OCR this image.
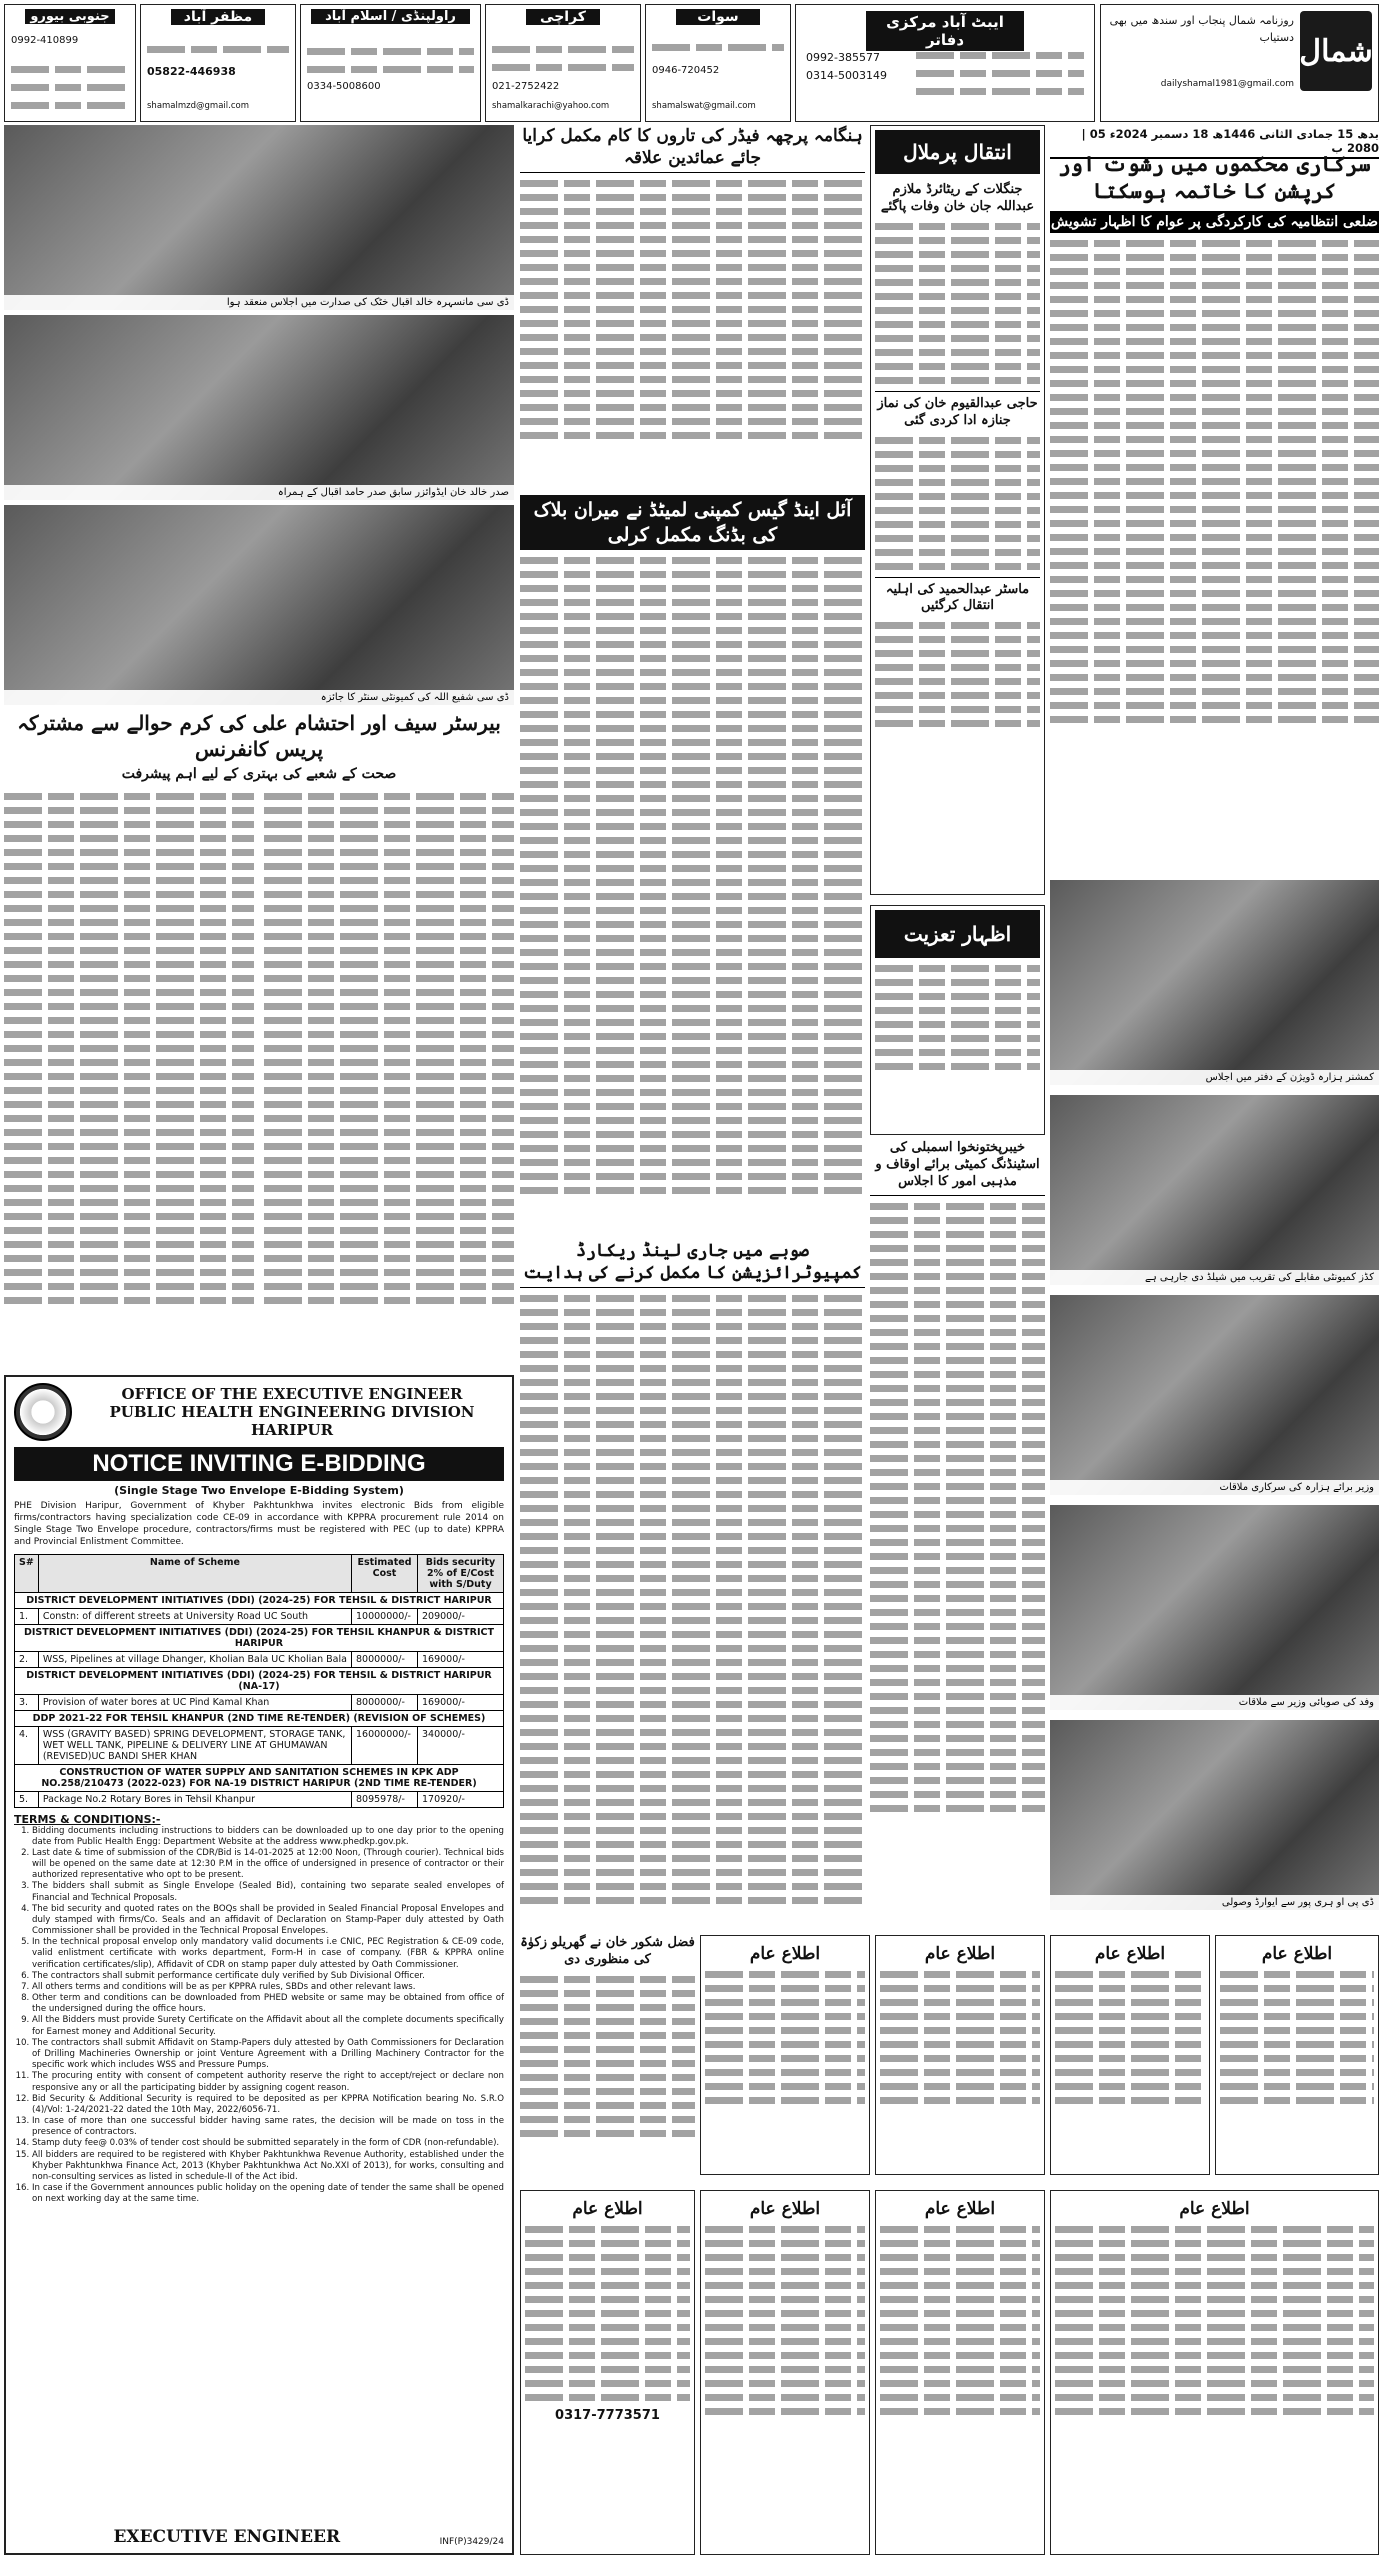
شمال
روزنامہ شمال پنجاب اور سندھ میں بھی دستیاب
dailyshamal1981@gmail.com
ایبٹ آباد مرکزی دفاتر
0992-385577
0314-5003149
سوات
0946-720452
shamalswat@gmail.com
کراچی
021-2752422
shamalkarachi@yahoo.com
راولپنڈی / اسلام آباد
0334-5008600
مظفر آباد
05822-446938
shamalmzd@gmail.com
جنوبی بیورو
0992-410899
بدھ 15 جمادی الثانی 1446ھ 18 دسمبر 2024ء 05 | 2080 ب
سرکاری محکموں میں رشوت اور کرپشن کا خاتمہ ہوسکتا
ضلعی انتظامیہ کی کارکردگی پر عوام کا اظہار تشویش
کمشنر ہزارہ ڈویژن کے دفتر میں اجلاس
کڈز کمیونٹی مقابلے کی تقریب میں شیلڈ دی جارہی ہے
وزیر برائے ہزارہ کی سرکاری ملاقات
وفد کی صوبائی وزیر سے ملاقات
ڈی پی او ہری پور سے ایوارڈ وصولی
انتقال پرملال
جنگلات کے ریٹائرڈ ملازم عبداللہ جان خان وفات پاگئے
حاجی عبدالقیوم خان کی نماز جنازہ ادا کردی گئی
ماسٹر عبدالحمید کی اہلیہ انتقال کرگئیں
اظہار تعزیت
خیبرپختونخوا اسمبلی کی اسٹینڈنگ کمیٹی برائے اوقاف و مذہبی امور کا اجلاس
ہنگامہ پرچھہ فیڈر کی تاروں کا کام مکمل کرایا جائے عمائدین علاقہ
آئل اینڈ گیس کمپنی لمیٹڈ نے میران بلاک کی بڈنگ مکمل کرلی
صوبے میں جاری لینڈ ریکارڈ کمپیوٹرائزیشن کا مکمل کرنے کی ہدایت
ڈی سی مانسہرہ خالد اقبال خٹک کی صدارت میں اجلاس منعقد ہوا
صدر خالد خان ایڈوائزر سابق صدر حامد اقبال کے ہمراہ
ڈی سی شفیع اللہ کی کمیونٹی سنٹر کا جائزہ
بیرسٹر سیف اور احتشام علی کی کرم حوالے سے مشترکہ پریس کانفرنس
صحت کے شعبے کی بہتری کے لیے اہم پیشرفت
OFFICE OF THE EXECUTIVE ENGINEER
PUBLIC HEALTH ENGINEERING DIVISION
HARIPUR
NOTICE INVITING E-BIDDING
(Single Stage Two Envelope E-Bidding System)
PHE Division Haripur, Government of Khyber Pakhtunkhwa invites electronic Bids from eligible firms/contractors having specialization code CE-09 in accordance with KPPRA procurement rule 2014 on Single Stage Two Envelope procedure, contractors/firms must be registered with PEC (up to date) KPPRA and Provincial Enlistment Committee.
S#	Name of Scheme	Estimated Cost	Bids security 2% of E/Cost with S/Duty
DISTRICT DEVELOPMENT INITIATIVES (DDI) (2024-25) FOR TEHSIL & DISTRICT HARIPUR			
1.	Constn: of different streets at University Road UC South	10000000/-	209000/-
DISTRICT DEVELOPMENT INITIATIVES (DDI) (2024-25) FOR TEHSIL KHANPUR & DISTRICT HARIPUR			
2.	WSS, Pipelines at village Dhanger, Kholian Bala UC Kholian Bala	8000000/-	169000/-
DISTRICT DEVELOPMENT INITIATIVES (DDI) (2024-25) FOR TEHSIL & DISTRICT HARIPUR (NA-17)			
3.	Provision of water bores at UC Pind Kamal Khan	8000000/-	169000/-
DDP 2021-22 FOR TEHSIL KHANPUR (2ND TIME RE-TENDER) (REVISION OF SCHEMES)			
4.	WSS (GRAVITY BASED) SPRING DEVELOPMENT, STORAGE TANK, WET WELL TANK, PIPELINE & DELIVERY LINE AT GHUMAWAN (REVISED)UC BANDI SHER KHAN	16000000/-	340000/-
CONSTRUCTION OF WATER SUPPLY AND SANITATION SCHEMES IN KPK ADP NO.258/210473 (2022-023) FOR NA-19 DISTRICT HARIPUR (2ND TIME RE-TENDER)			
5.	Package No.2 Rotary Bores in Tehsil Khanpur	8095978/-	170920/-
TERMS & CONDITIONS:-
1. Bidding documents including instructions to bidders can be downloaded up to one day prior to the opening date from Public Health Engg: Department Website at the address www.phedkp.gov.pk.
2. Last date & time of submission of the CDR/Bid is 14-01-2025 at 12:00 Noon, (Through courier). Technical bids will be opened on the same date at 12:30 P.M in the office of undersigned in presence of contractor or their authorized representative who opt to be present.
3. The bidders shall submit as Single Envelope (Sealed Bid), containing two separate sealed envelopes of Financial and Technical Proposals.
4. The bid security and quoted rates on the BOQs shall be provided in Sealed Financial Proposal Envelopes and duly stamped with firms/Co. Seals and an affidavit of Declaration on Stamp-Paper duly attested by Oath Commissioner shall be provided in the Technical Proposal Envelopes.
5. In the technical proposal envelop only mandatory valid documents i.e CNIC, PEC Registration & CE-09 code, valid enlistment certificate with works department, Form-H in case of company. (FBR & KPPRA online verification certificates/slip), Affidavit of CDR on stamp paper duly attested by Oath Commissioner.
6. The contractors shall submit performance certificate duly verified by Sub Divisional Officer.
7. All others terms and conditions will be as per KPPRA rules, SBDs and other relevant laws.
8. Other term and conditions can be downloaded from PHED website or same may be obtained from office of the undersigned during the office hours.
9. All the Bidders must provide Surety Certificate on the Affidavit about all the complete documents specifically for Earnest money and Additional Security.
10. The contractors shall submit Affidavit on Stamp-Papers duly attested by Oath Commissioners for Declaration of Drilling Machineries Ownership or joint Venture Agreement with a Drilling Machinery Contractor for the specific work which includes WSS and Pressure Pumps.
11. The procuring entity with consent of competent authority reserve the right to accept/reject or declare non responsive any or all the participating bidder by assigning cogent reason.
12. Bid Security & Additional Security is required to be deposited as per KPPRA Notification bearing No. S.R.O (4)/Vol: 1-24/2021-22 dated the 10th May, 2022/6056-71.
13. In case of more than one successful bidder having same rates, the decision will be made on toss in the presence of contractors.
14. Stamp duty fee@ 0.03% of tender cost should be submitted separately in the form of CDR (non-refundable).
15. All bidders are required to be registered with Khyber Pakhtunkhwa Revenue Authority, established under the Khyber Pakhtunkhwa Finance Act, 2013 (Khyber Pakhtunkhwa Act No.XXI of 2013), for works, consulting and non-consulting services as listed in schedule-II of the Act ibid.
16. In case if the Government announces public holiday on the opening date of tender the same shall be opened on next working day at the same time.
EXECUTIVE ENGINEER	INF(P)3429/24
فضل شکور خان نے گھریلو زکوٰۃ کی منظوری دی	اطلاع عام	اطلاع عام	اطلاع عام	اطلاع عام
اطلاع عام
0317-7773571
اطلاع عام	اطلاع عام	اطلاع عام
